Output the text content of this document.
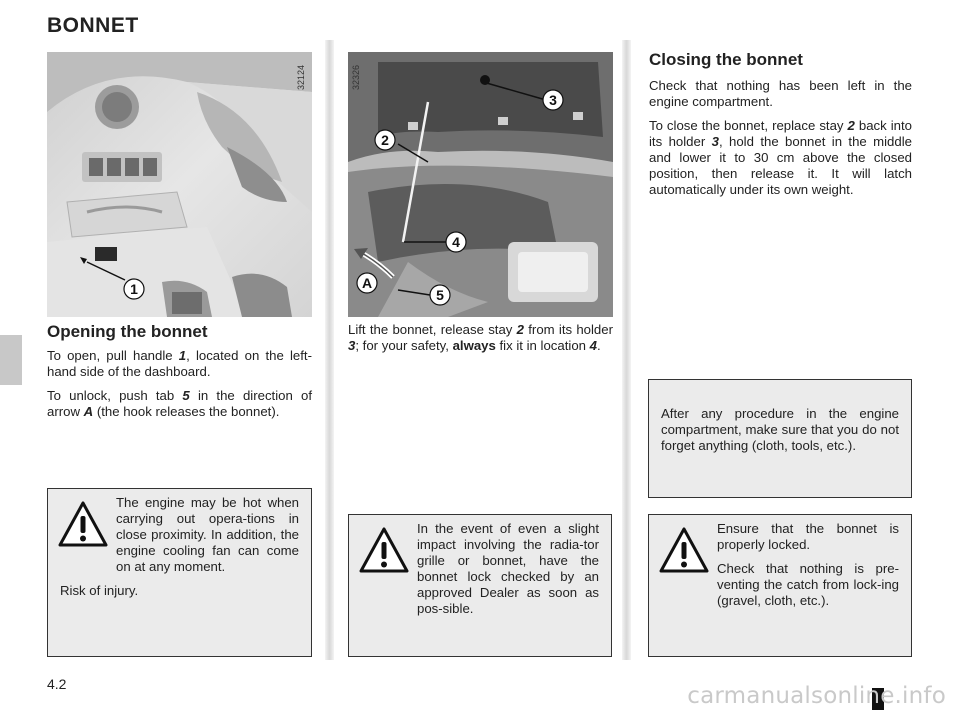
BONNET
1
32124
3
2
4
A
5
32326
Opening the bonnet

To open, pull handle 1, located on the left-hand side of the dashboard.

To unlock, push tab 5 in the direction of arrow A (the hook releases the bonnet).

Lift the bonnet, release stay 2 from its holder 3; for your safety, always fix it in location 4.

Closing the bonnet

Check that nothing has been left in the engine compartment.

To close the bonnet, replace stay 2 back into its holder 3, hold the bonnet in the middle and lower it to 30 cm above the closed position, then release it. It will latch automatically under its own weight.

After any procedure in the engine compartment, make sure that you do not forget anything (cloth, tools, etc.).

The engine may be hot when carrying out opera-tions in close proximity. In addition, the engine cooling fan can come on at any moment.

Risk of injury.

In the event of even a slight impact involving the radia-tor grille or bonnet, have the bonnet lock checked by an approved Dealer as soon as pos-sible.

Ensure that the bonnet is properly locked.

Check that nothing is pre-venting the catch from lock-ing (gravel, cloth, etc.).

4.2	carmanualsonline.info
